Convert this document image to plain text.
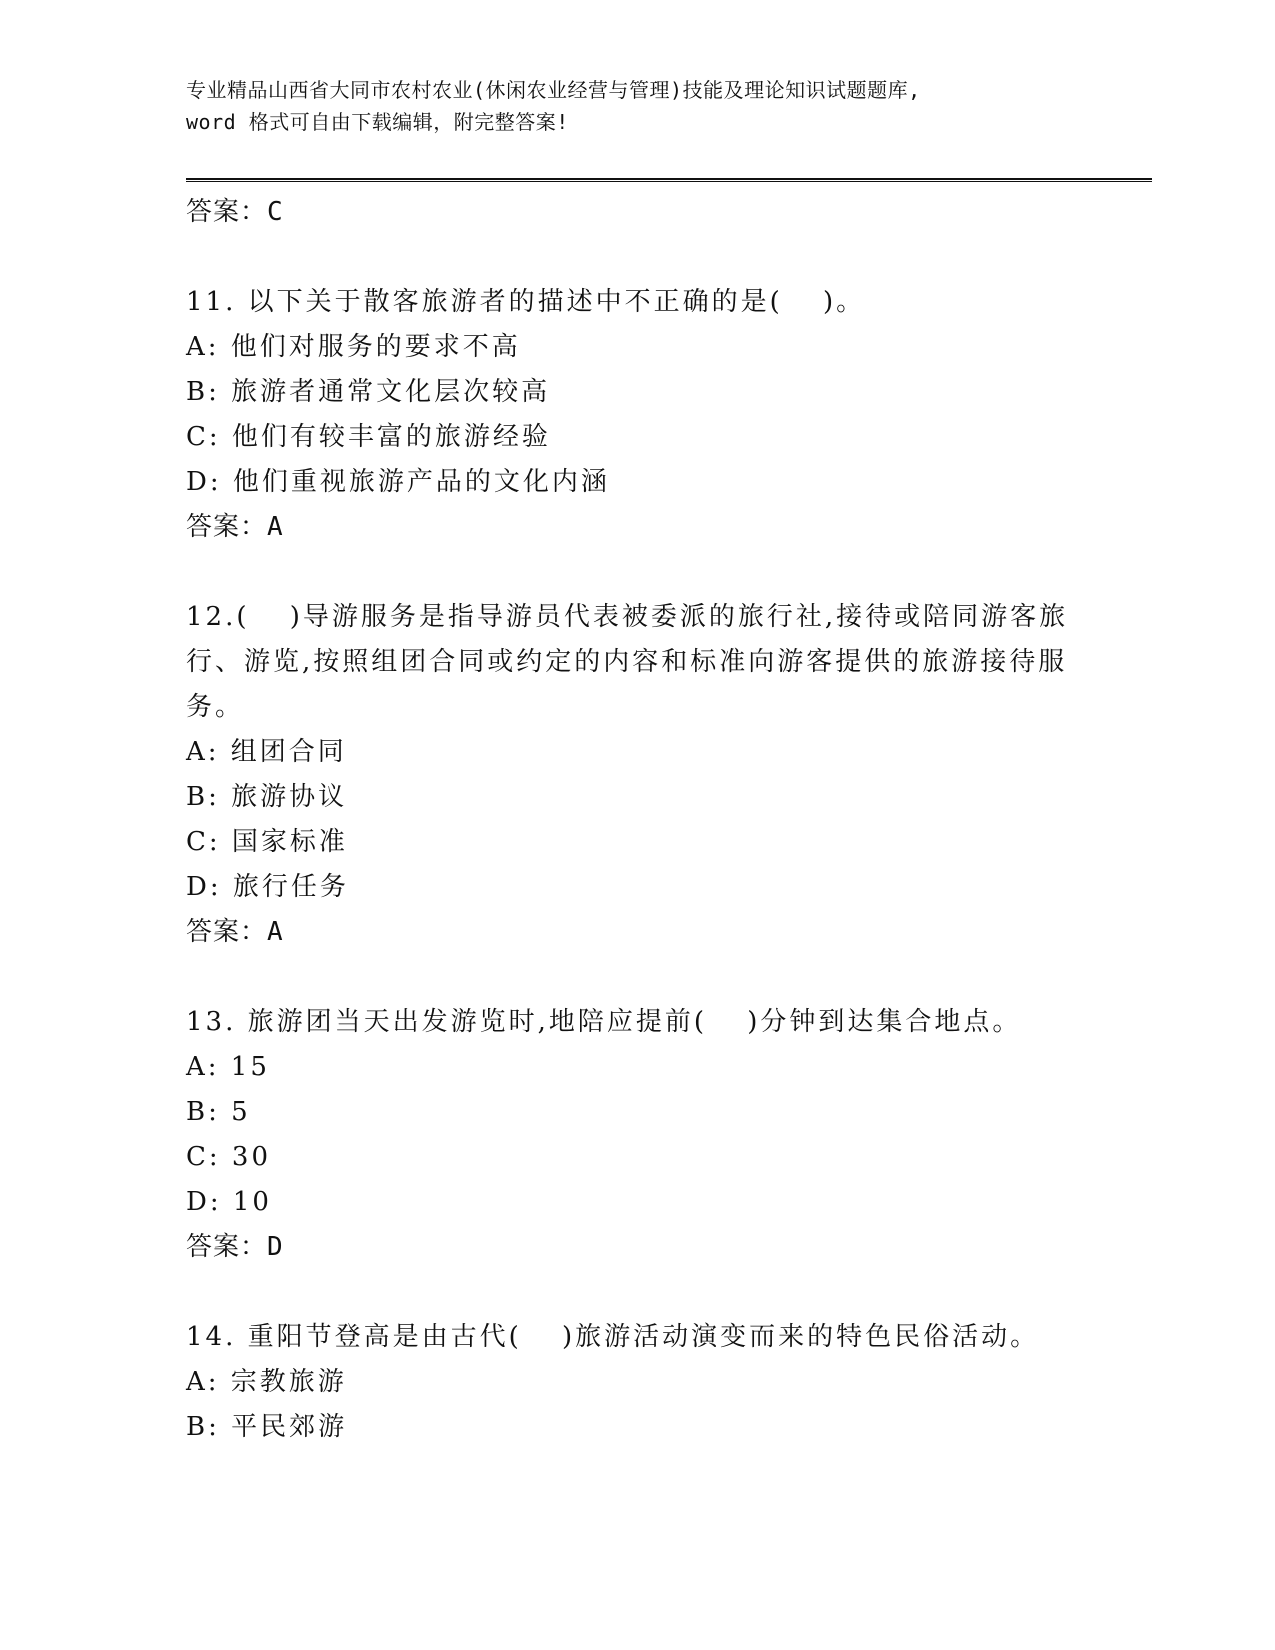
专业精品山西省大同市农村农业(休闲农业经营与管理)技能及理论知识试题题库,
word 格式可自由下载编辑，附完整答案!
答案：C
11. 以下关于散客旅游者的描述中不正确的是(　 )。
A: 他们对服务的要求不高
B: 旅游者通常文化层次较高
C: 他们有较丰富的旅游经验
D: 他们重视旅游产品的文化内涵
答案：A
12.(　 )导游服务是指导游员代表被委派的旅行社,接待或陪同游客旅行、游览,按照组团合同或约定的内容和标准向游客提供的旅游接待服务。
A: 组团合同
B: 旅游协议
C: 国家标准
D: 旅行任务
答案：A
13. 旅游团当天出发游览时,地陪应提前(　 )分钟到达集合地点。
A: 15
B: 5
C: 30
D: 10
答案：D
14. 重阳节登高是由古代(　 )旅游活动演变而来的特色民俗活动。
A: 宗教旅游
B: 平民郊游
